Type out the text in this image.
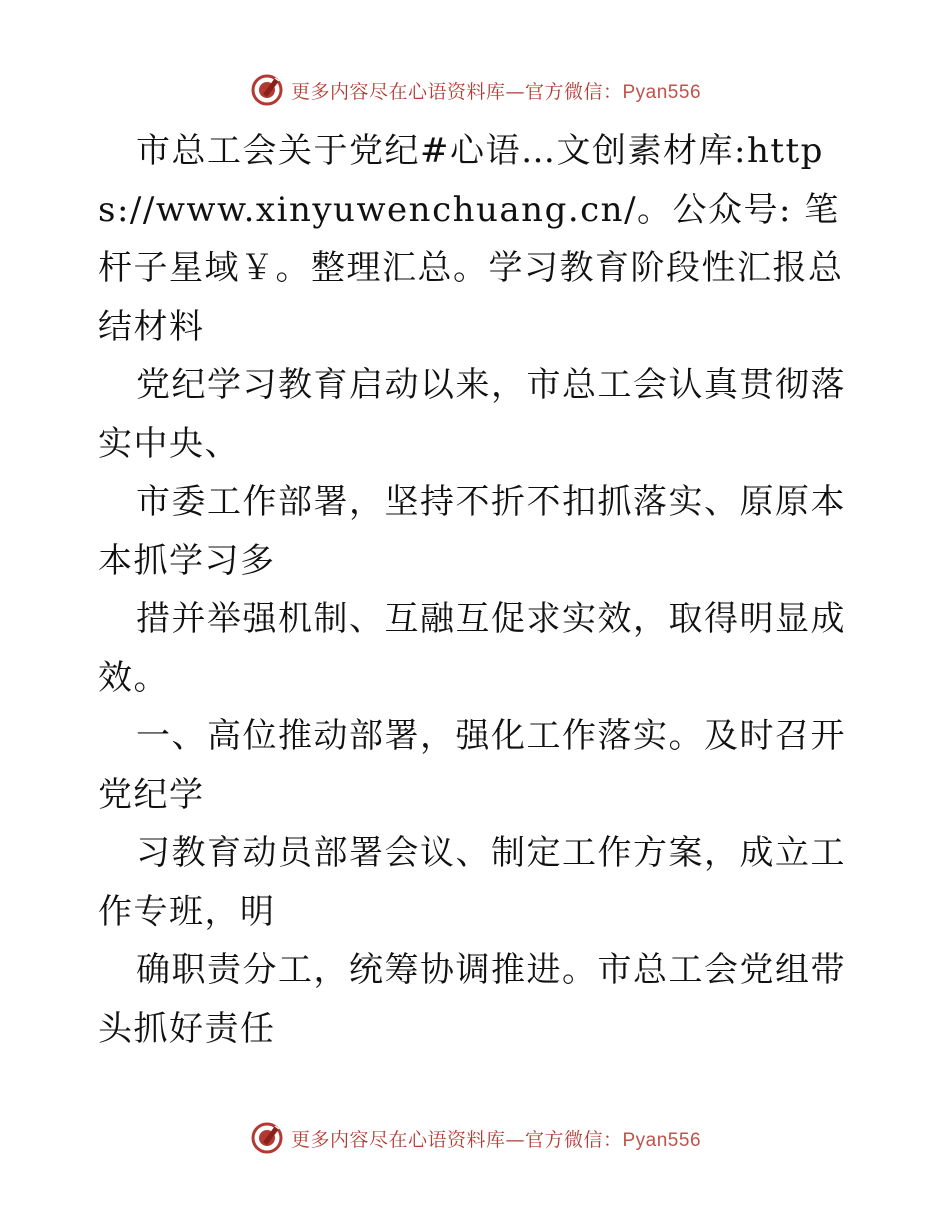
更多内容尽在心语资料库—官方微信：Pyan556

市总工会关于党纪#心语…文创素材库:https://www.xinyuwenchuang.cn/。公众号: 笔杆子星域￥。整理汇总。学习教育阶段性汇报总结材料

党纪学习教育启动以来，市总工会认真贯彻落实中央、

市委工作部署，坚持不折不扣抓落实、原原本本抓学习多

措并举强机制、互融互促求实效，取得明显成效。

一、高位推动部署，强化工作落实。及时召开党纪学

习教育动员部署会议、制定工作方案，成立工作专班，明

确职责分工，统筹协调推进。市总工会党组带头抓好责任

更多内容尽在心语资料库—官方微信：Pyan556
